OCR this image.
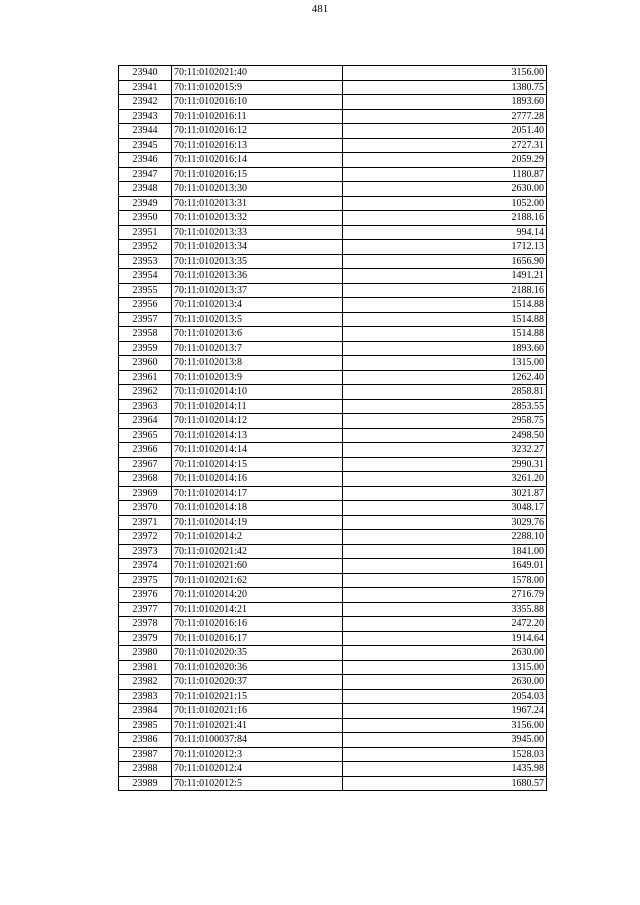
481
23940	70:11:0102021:40	3156.00
23941	70:11:0102015:9	1380.75
23942	70:11:0102016:10	1893.60
23943	70:11:0102016:11	2777.28
23944	70:11:0102016:12	2051.40
23945	70:11:0102016:13	2727.31
23946	70:11:0102016:14	2059.29
23947	70:11:0102016:15	1180.87
23948	70:11:0102013:30	2630.00
23949	70:11:0102013:31	1052.00
23950	70:11:0102013:32	2188.16
23951	70:11:0102013:33	994.14
23952	70:11:0102013:34	1712.13
23953	70:11:0102013:35	1656.90
23954	70:11:0102013:36	1491.21
23955	70:11:0102013:37	2188.16
23956	70:11:0102013:4	1514.88
23957	70:11:0102013:5	1514.88
23958	70:11:0102013:6	1514.88
23959	70:11:0102013:7	1893.60
23960	70:11:0102013:8	1315.00
23961	70:11:0102013:9	1262.40
23962	70:11:0102014:10	2858.81
23963	70:11:0102014:11	2853.55
23964	70:11:0102014:12	2958.75
23965	70:11:0102014:13	2498.50
23966	70:11:0102014:14	3232.27
23967	70:11:0102014:15	2990.31
23968	70:11:0102014:16	3261.20
23969	70:11:0102014:17	3021.87
23970	70:11:0102014:18	3048.17
23971	70:11:0102014:19	3029.76
23972	70:11:0102014:2	2288.10
23973	70:11:0102021:42	1841.00
23974	70:11:0102021:60	1649.01
23975	70:11:0102021:62	1578.00
23976	70:11:0102014:20	2716.79
23977	70:11:0102014:21	3355.88
23978	70:11:0102016:16	2472.20
23979	70:11:0102016:17	1914.64
23980	70:11:0102020:35	2630.00
23981	70:11:0102020:36	1315.00
23982	70:11:0102020:37	2630.00
23983	70:11:0102021:15	2054.03
23984	70:11:0102021:16	1967.24
23985	70:11:0102021:41	3156.00
23986	70:11:0100037:84	3945.00
23987	70:11:0102012:3	1528.03
23988	70:11:0102012:4	1435.98
23989	70:11:0102012:5	1680.57
